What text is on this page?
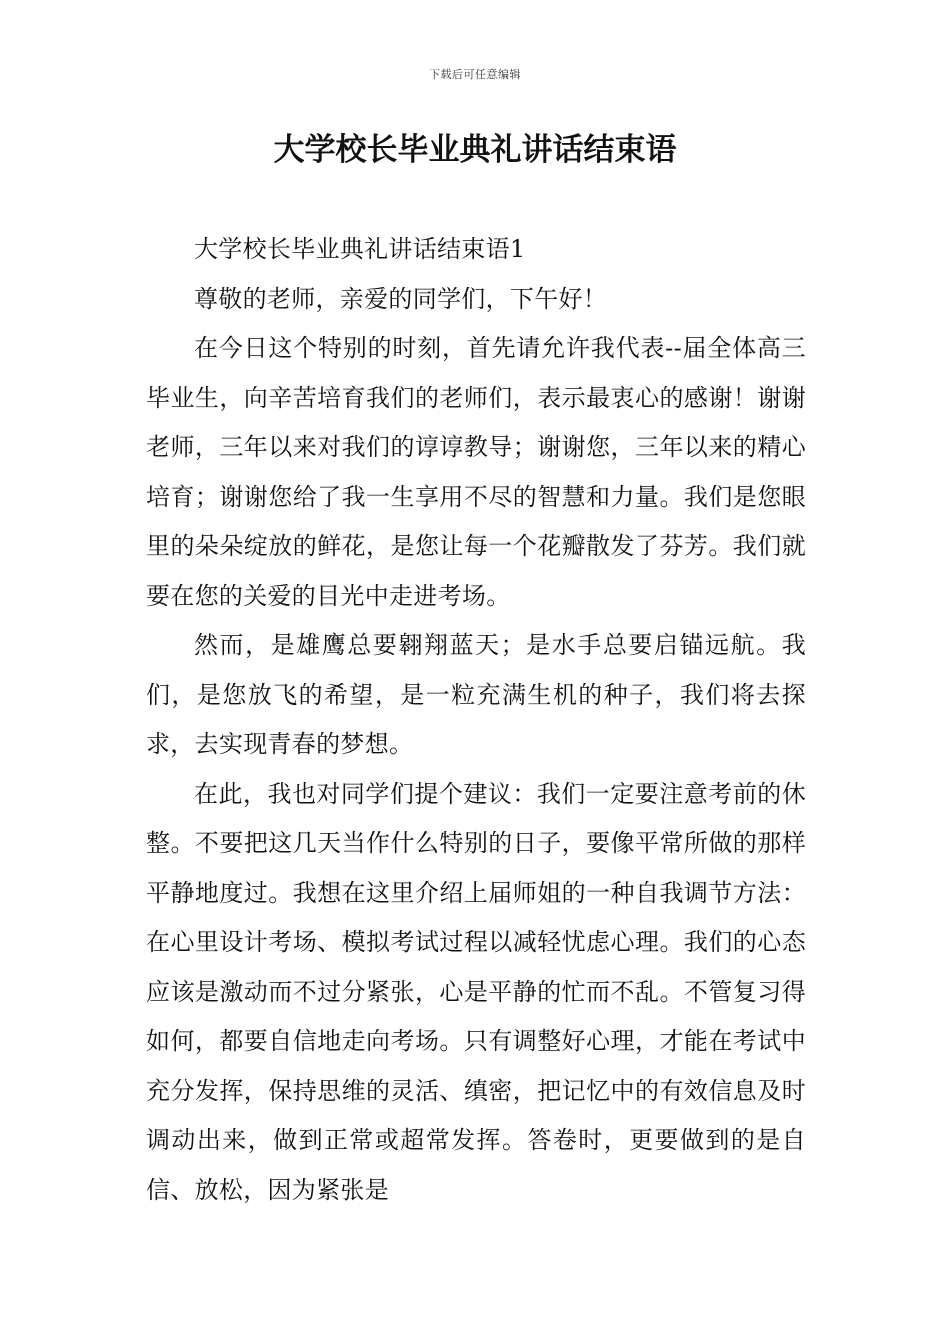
下载后可任意编辑
大学校长毕业典礼讲话结束语

大学校长毕业典礼讲话结束语1

尊敬的老师，亲爱的同学们，下午好！

在今日这个特别的时刻，首先请允许我代表--届全体高三毕业生，向辛苦培育我们的老师们，表示最衷心的感谢！谢谢老师，三年以来对我们的谆谆教导；谢谢您，三年以来的精心培育；谢谢您给了我一生享用不尽的智慧和力量。我们是您眼里的朵朵绽放的鲜花，是您让每一个花瓣散发了芬芳。我们就要在您的关爱的目光中走进考场。

然而，是雄鹰总要翱翔蓝天；是水手总要启锚远航。我们，是您放飞的希望，是一粒充满生机的种子，我们将去探求，去实现青春的梦想。

在此，我也对同学们提个建议：我们一定要注意考前的休整。不要把这几天当作什么特别的日子，要像平常所做的那样平静地度过。我想在这里介绍上届师姐的一种自我调节方法：在心里设计考场、模拟考试过程以减轻忧虑心理。我们的心态应该是激动而不过分紧张，心是平静的忙而不乱。不管复习得如何，都要自信地走向考场。只有调整好心理，才能在考试中充分发挥，保持思维的灵活、缜密，把记忆中的有效信息及时调动出来，做到正常或超常发挥。答卷时，更要做到的是自信、放松，因为紧张是
